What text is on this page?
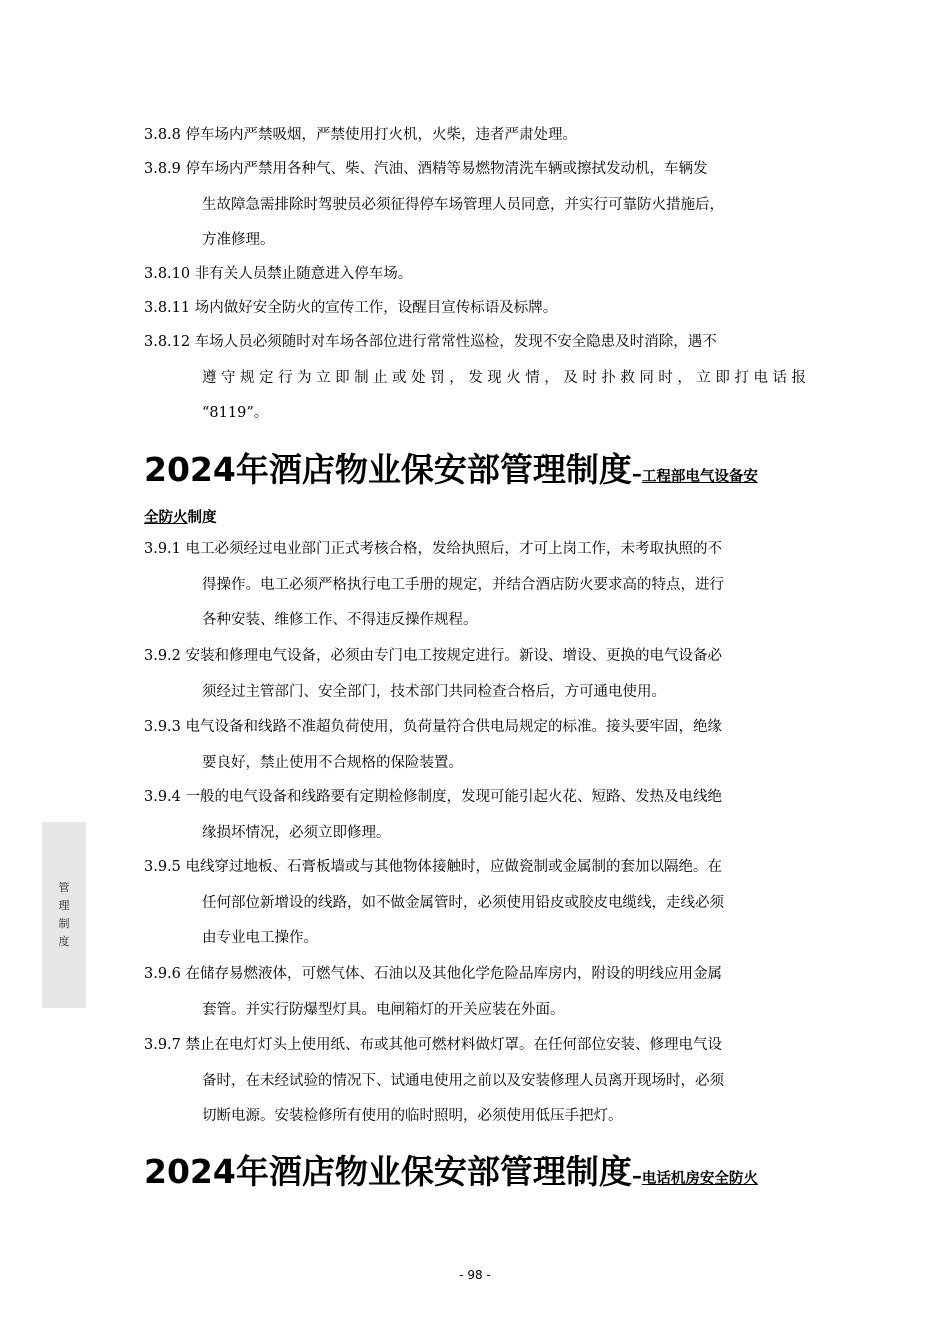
3.8.8 停车场内严禁吸烟，严禁使用打火机，火柴，违者严肃处理。
3.8.9 停车场内严禁用各种气、柴、汽油、酒精等易燃物清洗车辆或擦拭发动机，车辆发
生故障急需排除时驾驶员必须征得停车场管理人员同意，并实行可靠防火措施后，
方准修理。
3.8.10 非有关人员禁止随意进入停车场。
3.8.11 场内做好安全防火的宣传工作，设醒目宣传标语及标牌。
3.8.12 车场人员必须随时对车场各部位进行常常性巡检，发现不安全隐患及时消除，遇不
遵守规定行为立即制止或处罚，发现火情，及时扑救同时，立即打电话报
“8119”。
2024年酒店物业保安部管理制度–工程部电气设备安
全防火制度
3.9.1 电工必须经过电业部门正式考核合格，发给执照后，才可上岗工作，未考取执照的不
得操作。电工必须严格执行电工手册的规定，并结合酒店防火要求高的特点，进行
各种安装、维修工作、不得违反操作规程。
3.9.2 安装和修理电气设备，必须由专门电工按规定进行。新设、增设、更换的电气设备必
须经过主管部门、安全部门，技术部门共同检查合格后，方可通电使用。
3.9.3 电气设备和线路不准超负荷使用，负荷量符合供电局规定的标准。接头要牢固，绝缘
要良好，禁止使用不合规格的保险装置。
3.9.4 一般的电气设备和线路要有定期检修制度，发现可能引起火花、短路、发热及电线绝
缘损坏情况，必须立即修理。
3.9.5 电线穿过地板、石膏板墙或与其他物体接触时，应做瓷制或金属制的套加以隔绝。在
任何部位新增设的线路，如不做金属管时，必须使用铅皮或胶皮电缆线，走线必须
由专业电工操作。
3.9.6 在储存易燃液体，可燃气体、石油以及其他化学危险品库房内，附设的明线应用金属
套管。并实行防爆型灯具。电闸箱灯的开关应装在外面。
3.9.7 禁止在电灯灯头上使用纸、布或其他可燃材料做灯罩。在任何部位安装、修理电气设
备时，在未经试验的情况下、试通电使用之前以及安装修理人员离开现场时，必须
切断电源。安装检修所有使用的临时照明，必须使用低压手把灯。
2024年酒店物业保安部管理制度–电话机房安全防火
管
理
制
度
- 98 -
